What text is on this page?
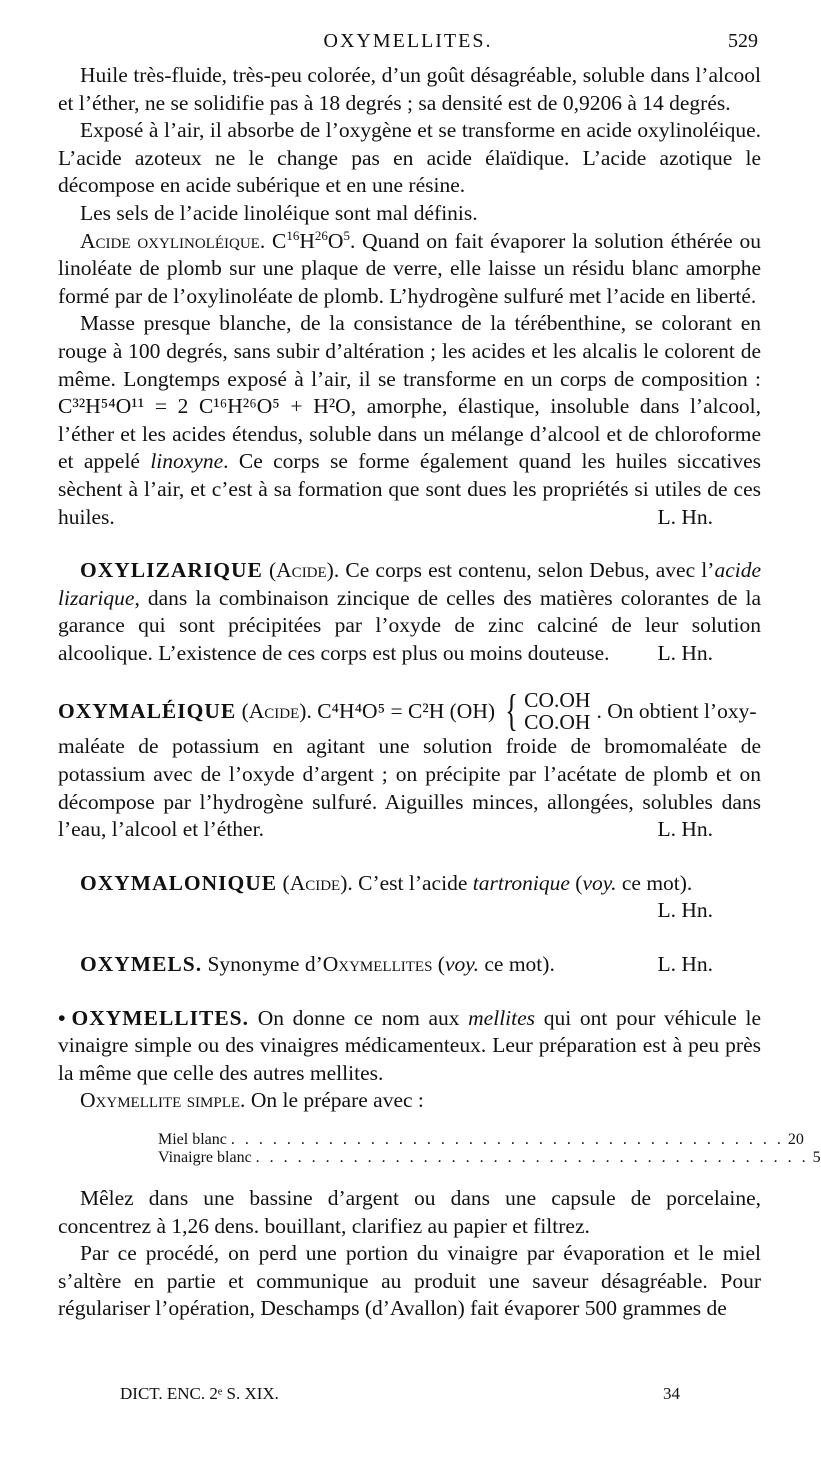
OXYMELLITES.	529

Huile très-fluide, très-peu colorée, d’un goût désagréable, soluble dans l’alcool et l’éther, ne se solidifie pas à 18 degrés ; sa densité est de 0,9206 à 14 degrés.

Exposé à l’air, il absorbe de l’oxygène et se transforme en acide oxylinoléique. L’acide azoteux ne le change pas en acide élaïdique. L’acide azotique le décompose en acide subérique et en une résine.

Les sels de l’acide linoléique sont mal définis.

Acide oxylinoléique. $C^{16}H^{26}O^5$. Quand on fait évaporer la solution éthérée ou linoléate de plomb sur une plaque de verre, elle laisse un résidu blanc amorphe formé par de l’oxylinoléate de plomb. L’hydrogène sulfuré met l’acide en liberté.

Masse presque blanche, de la consistance de la térébenthine, se colorant en rouge à 100 degrés, sans subir d’altération ; les acides et les alcalis le colorent de même. Longtemps exposé à l’air, il se transforme en un corps de composition : C³²H⁵⁴O¹¹ = 2 C¹⁶H²⁶O⁵ + H²O, amorphe, élastique, insoluble dans l’alcool, l’éther et les acides étendus, soluble dans un mélange d’alcool et de chloroforme et appelé linoxyne. Ce corps se forme également quand les huiles siccatives sèchent à l’air, et c’est à sa formation que sont dues les propriétés si utiles de ces huiles.	L. Hn.

OXYLIZARIQUE (Acide). Ce corps est contenu, selon Debus, avec l’acide lizarique, dans la combinaison zincique de celles des matières colorantes de la garance qui sont précipitées par l’oxyde de zinc calciné de leur solution alcoolique. L’existence de ces corps est plus ou moins douteuse.	L. Hn.

OXYMALÉIQUE
(Acide).
C⁴H⁴O⁵ = C²H (OH) { CO.OH
CO.OH . On obtient l’oxy-

maléate de potassium en agitant une solution froide de bromomaléate de potassium avec de l’oxyde d’argent ; on précipite par l’acétate de plomb et on décompose par l’hydrogène sulfuré. Aiguilles minces, allongées, solubles dans l’eau, l’alcool et l’éther.	L. Hn.

OXYMALONIQUE (Acide). C’est l’acide tartronique (voy. ce mot).

L. Hn.

OXYMELS. Synonyme d’Oxymellites (voy. ce mot).	L. Hn.

• OXYMELLITES. On donne ce nom aux mellites qui ont pour véhicule le vinaigre simple ou des vinaigres médicamenteux. Leur préparation est à peu près la même que celle des autres mellites.

Oxymellite simple. On le prépare avec :

Miel blanc . . . . . . . . . . . . . . . . . . . . . . . . . . . . . . . . . . . . . . . . 20
Vinaigre blanc . . . . . . . . . . . . . . . . . . . . . . . . . . . . . . . . . . . . . . . . 5

Mêlez dans une bassine d’argent ou dans une capsule de porcelaine, concentrez à 1,26 dens. bouillant, clarifiez au papier et filtrez.

Par ce procédé, on perd une portion du vinaigre par évaporation et le miel s’altère en partie et communique au produit une saveur désagréable. Pour régulariser l’opération, Deschamps (d’Avallon) fait évaporer 500 grammes de

DICT. ENC. 2ᵉ S. XIX.	34
